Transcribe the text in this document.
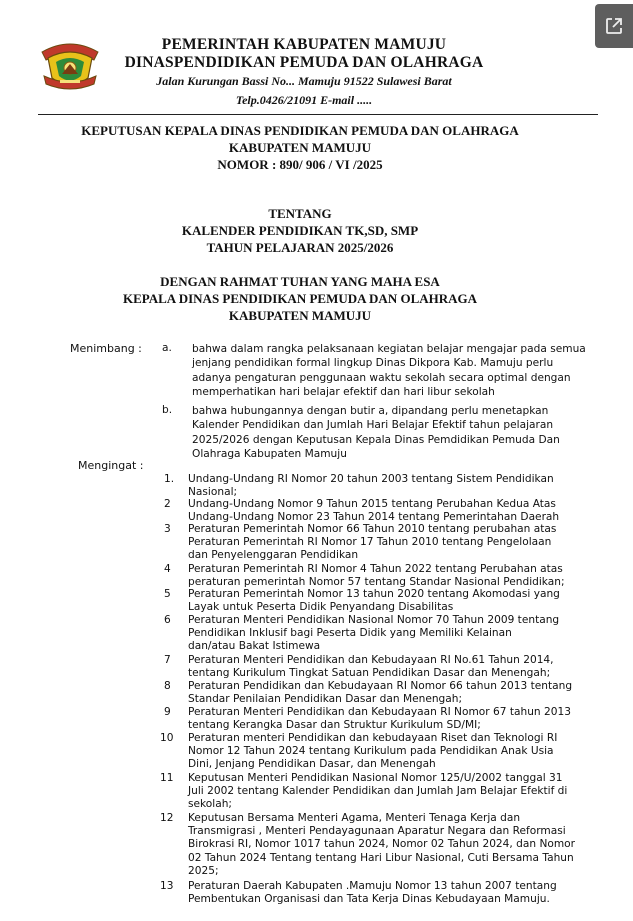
PEMERINTAH KABUPATEN MAMUJU
DINASPENDIDIKAN PEMUDA DAN OLAHRAGA
Jalan Kurungan Bassi No... Mamuju 91522 Sulawesi Barat
Telp.0426/21091 E-mail .....
KEPUTUSAN KEPALA DINAS PENDIDIKAN PEMUDA DAN OLAHRAGA
KABUPATEN MAMUJU
NOMOR : 890/ 906 / VI /2025
TENTANG
KALENDER PENDIDIKAN TK,SD, SMP
TAHUN PELAJARAN 2025/2026
DENGAN RAHMAT TUHAN YANG MAHA ESA
KEPALA DINAS PENDIDIKAN PEMUDA DAN OLAHRAGA
KABUPATEN MAMUJU
Menimbang : a. bahwa dalam rangka pelaksanaan kegiatan belajar mengajar pada semua
jenjang pendidikan formal lingkup Dinas Dikpora Kab. Mamuju perlu
adanya pengaturan penggunaan waktu sekolah secara optimal dengan
memperhatikan hari belajar efektif dan hari libur sekolah
b. bahwa hubungannya dengan butir a, dipandang perlu menetapkan
Kalender Pendidikan dan Jumlah Hari Belajar Efektif tahun pelajaran
2025/2026 dengan Keputusan Kepala Dinas Pemdidikan Pemuda Dan
Olahraga Kabupaten Mamuju
Mengingat :
1. Undang-Undang RI Nomor 20 tahun 2003 tentang Sistem Pendidikan
Nasional;
2 Undang-Undang Nomor 9 Tahun 2015 tentang Perubahan Kedua Atas
Undang-Undang Nomor 23 Tahun 2014 tentang Pemerintahan Daerah
3 Peraturan Pemerintah Nomor 66 Tahun 2010 tentang perubahan atas
Peraturan Pemerintah RI Nomor 17 Tahun 2010 tentang Pengelolaan
dan Penyelenggaran Pendidikan
4 Peraturan Pemerintah RI Nomor 4 Tahun 2022 tentang Perubahan atas
peraturan pemerintah Nomor 57 tentang Standar Nasional Pendidikan;
5 Peraturan Pemerintah Nomor 13 tahun 2020 tentang Akomodasi yang
Layak untuk Peserta Didik Penyandang Disabilitas
6 Peraturan Menteri Pendidikan Nasional Nomor 70 Tahun 2009 tentang
Pendidikan Inklusif bagi Peserta Didik yang Memiliki Kelainan
dan/atau Bakat Istimewa
7 Peraturan Menteri Pendidikan dan Kebudayaan RI No.61 Tahun 2014,
tentang Kurikulum Tingkat Satuan Pendidikan Dasar dan Menengah;
8 Peraturan Pendidikan dan Kebudayaan RI Nomor 66 tahun 2013 tentang
Standar Penilaian Pendidikan Dasar dan Menengah;
9 Peraturan Menteri Pendidikan dan Kebudayaan RI Nomor 67 tahun 2013
tentang Kerangka Dasar dan Struktur Kurikulum SD/MI;
10 Peraturan menteri Pendidikan dan kebudayaan Riset dan Teknologi RI
Nomor 12 Tahun 2024 tentang Kurikulum pada Pendidikan Anak Usia
Dini, Jenjang Pendidikan Dasar, dan Menengah
11 Keputusan Menteri Pendidikan Nasional Nomor 125/U/2002 tanggal 31
Juli 2002 tentang Kalender Pendidikan dan Jumlah Jam Belajar Efektif di
sekolah;
12 Keputusan Bersama Menteri Agama, Menteri Tenaga Kerja dan
Transmigrasi , Menteri Pendayagunaan Aparatur Negara dan Reformasi
Birokrasi RI, Nomor 1017 tahun 2024, Nomor 02 Tahun 2024, dan Nomor
02 Tahun 2024 Tentang tentang Hari Libur Nasional, Cuti Bersama Tahun
2025;
13 Peraturan Daerah Kabupaten .Mamuju Nomor 13 tahun 2007 tentang
Pembentukan Organisasi dan Tata Kerja Dinas Kebudayaan Mamuju.
